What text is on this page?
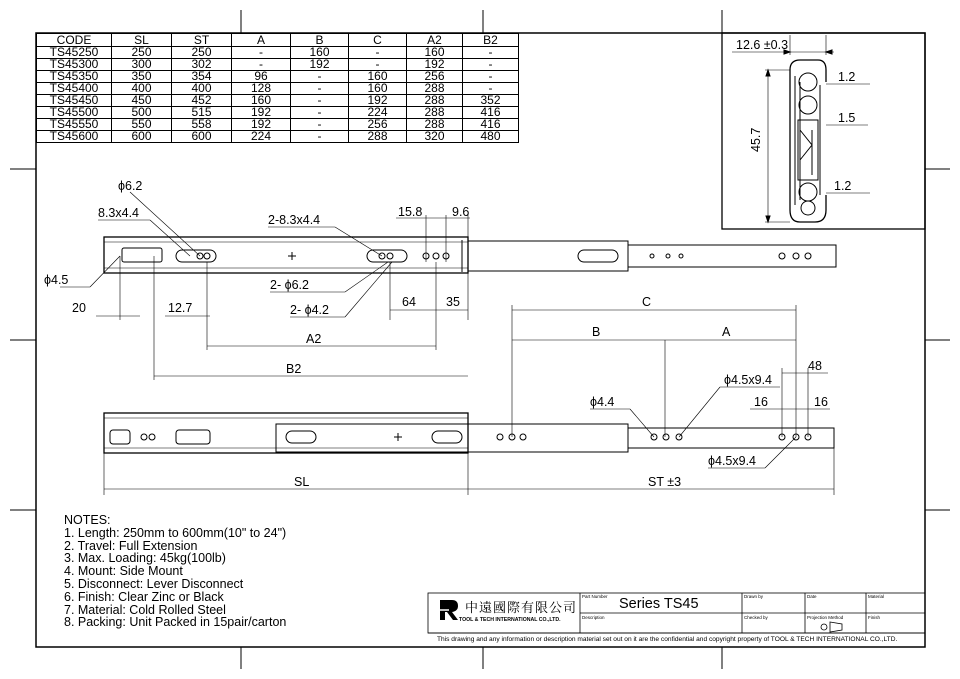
ϕ6.2
8.3x4.4	2-8.3x4.4
15.8 9.6
ϕ4.5
20	12.7
2- ϕ6.2
2- ϕ4.2
64 35
A2
B2
C
B	A
ϕ4.5x9.4
48
ϕ4.4	16	16
ϕ4.5x9.4
SL	ST ±3
12.6 ±0.3
45.7
1.2
1.5
1.2
CODE	SL	ST	A	B	C	A2	B2
TS45250	250	250	-	160	-	160	-
TS45300	300	302	-	192	-	192	-
TS45350	350	354	96	-	160	256	-
TS45400	400	400	128	-	160	288	-
TS45450	450	452	160	-	192	288	352
TS45500	500	515	192	-	224	288	416
TS45550	550	558	192	-	256	288	416
TS45600	600	600	224	-	288	320	480
NOTES:
1. Length: 250mm to 600mm(10" to 24")
2. Travel: Full Extension
3. Max. Loading: 45kg(100lb)
4. Mount: Side Mount
5. Disconnect: Lever Disconnect
6. Finish: Clear Zinc or Black
7. Material: Cold Rolled Steel
8. Packing: Unit Packed in 15pair/carton
中遠國際有限公司
TOOL & TECH INTERNATIONAL CO.,LTD.
Part Number
Description
Series TS45	Drawn by
Checked by
Date
Projection Method
Material
Finish
This drawing and any information or description material set out on it are the confidential and copyright property of TOOL & TECH INTERNATIONAL CO.,LTD.
